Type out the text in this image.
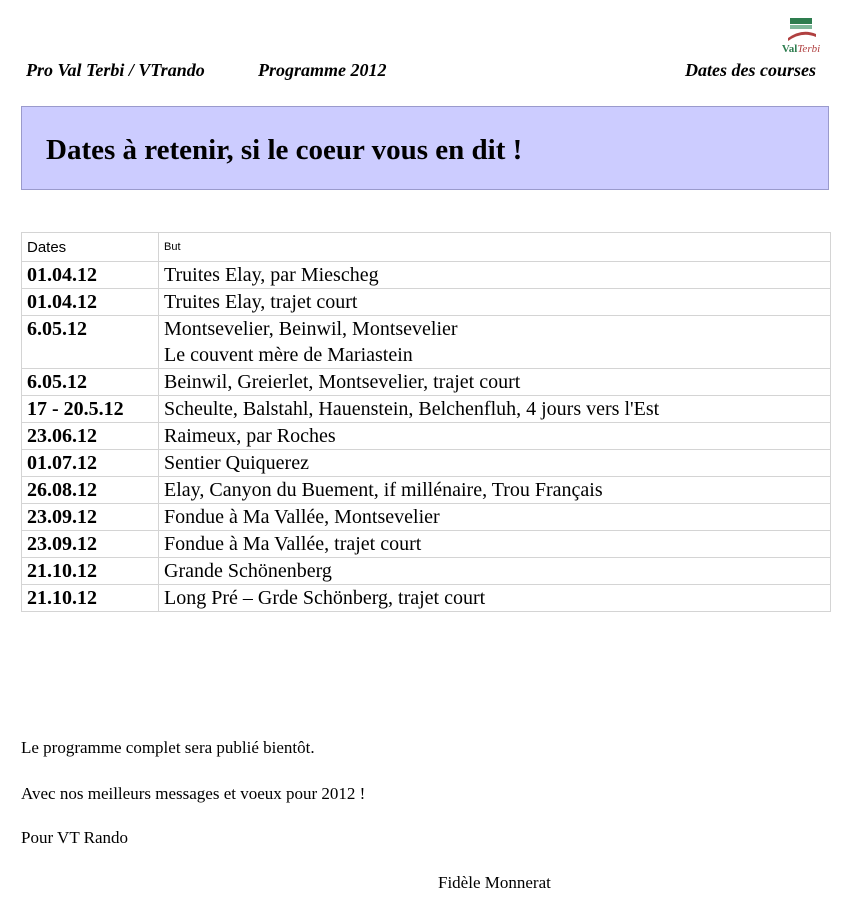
ValTerbi
Pro Val Terbi / VTrando	Programme 2012	Dates des courses
Dates à retenir, si le coeur vous en dit !
Dates	But
01.04.12	Truites Elay, par Miescheg

01.04.12	Truites Elay, trajet court

6.05.12	Montsevelier, Beinwil, Montsevelier
Le couvent mère de Mariastein

6.05.12	Beinwil, Greierlet, Montsevelier, trajet court

17 - 20.5.12	Scheulte, Balstahl, Hauenstein, Belchenfluh, 4 jours vers l'Est

23.06.12	Raimeux, par Roches

01.07.12	Sentier Quiquerez

26.08.12	Elay, Canyon du Buement, if millénaire, Trou Français

23.09.12	Fondue à Ma Vallée, Montsevelier

23.09.12	Fondue à Ma Vallée, trajet court

21.10.12	Grande Schönenberg

21.10.12	Long Pré – Grde Schönberg, trajet court

Le programme complet sera publié bientôt.

Avec nos meilleurs messages et voeux pour 2012 !

Pour VT Rando

Fidèle Monnerat
